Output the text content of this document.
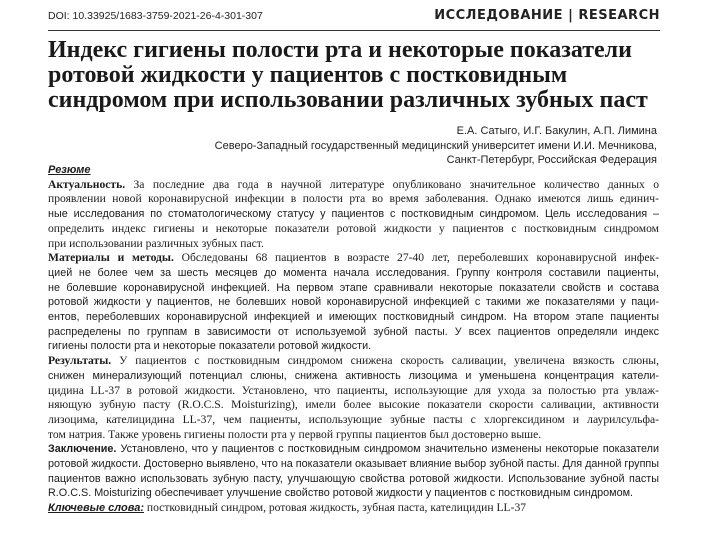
DOI: 10.33925/1683-3759-2021-26-4-301-307	ИССЛЕДОВАНИЕ | RESEARCH
Индекс гигиены полости рта и некоторые показатели
ротовой жидкости у пациентов с постковидным
синдромом при использовании различных зубных паст
Е.А. Сатыго, И.Г. Бакулин, А.П. Лимина
Северо-Западный государственный медицинский университет имени И.И. Мечникова,
Санкт-Петербург, Российская Федерация
Резюме
Актуальность. За последние два года в научной литературе опубликовано значительное количество данных о
проявлении новой коронавирусной инфекции в полости рта во время заболевания. Однако имеются лишь единич-
ные исследования по стоматологическому статусу у пациентов с постковидным синдромом. Цель исследования –
определить индекс гигиены и некоторые показатели ротовой жидкости у пациентов с постковидным синдромом
при использовании различных зубных паст.
Материалы и методы. Обследованы 68 пациентов в возрасте 27-40 лет, переболевших коронавирусной инфек-
цией не более чем за шесть месяцев до момента начала исследования. Группу контроля составили пациенты,
не болевшие коронавирусной инфекцией. На первом этапе сравнивали некоторые показатели свойств и состава
ротовой жидкости у пациентов, не болевших новой коронавирусной инфекцией с такими же показателями у паци-
ентов, переболевших коронавирусной инфекцией и имеющих постковидный синдром. На втором этапе пациенты
распределены по группам в зависимости от используемой зубной пасты. У всех пациентов определяли индекс
гигиены полости рта и некоторые показатели ротовой жидкости.
Результаты. У пациентов с постковидным синдромом снижена скорость саливации, увеличена вязкость слюны,
снижен минерализующий потенциал слюны, снижена активность лизоцима и уменьшена концентрация катели-
цидина LL-37 в ротовой жидкости. Установлено, что пациенты, использующие для ухода за полостью рта увлаж-
няющую зубную пасту (R.O.C.S. Moisturizing), имели более высокие показатели скорости саливации, активности
лизоцима, кателицидина LL-37, чем пациенты, использующие зубные пасты с хлоргексидином и лаурилсульфа-
том натрия. Также уровень гигиены полости рта у первой группы пациентов был достоверно выше.
Заключение. Установлено, что у пациентов с постковидным синдромом значительно изменены некоторые показатели
ротовой жидкости. Достоверно выявлено, что на показатели оказывает влияние выбор зубной пасты. Для данной группы
пациентов важно использовать зубную пасту, улучшающую свойства ротовой жидкости. Использование зубной пасты
R.O.C.S. Moisturizing обеспечивает улучшение свойство ротовой жидкости у пациентов с постковидным синдромом.
Ключевые слова: постковидный синдром, ротовая жидкость, зубная паста, кателицидин LL-37
